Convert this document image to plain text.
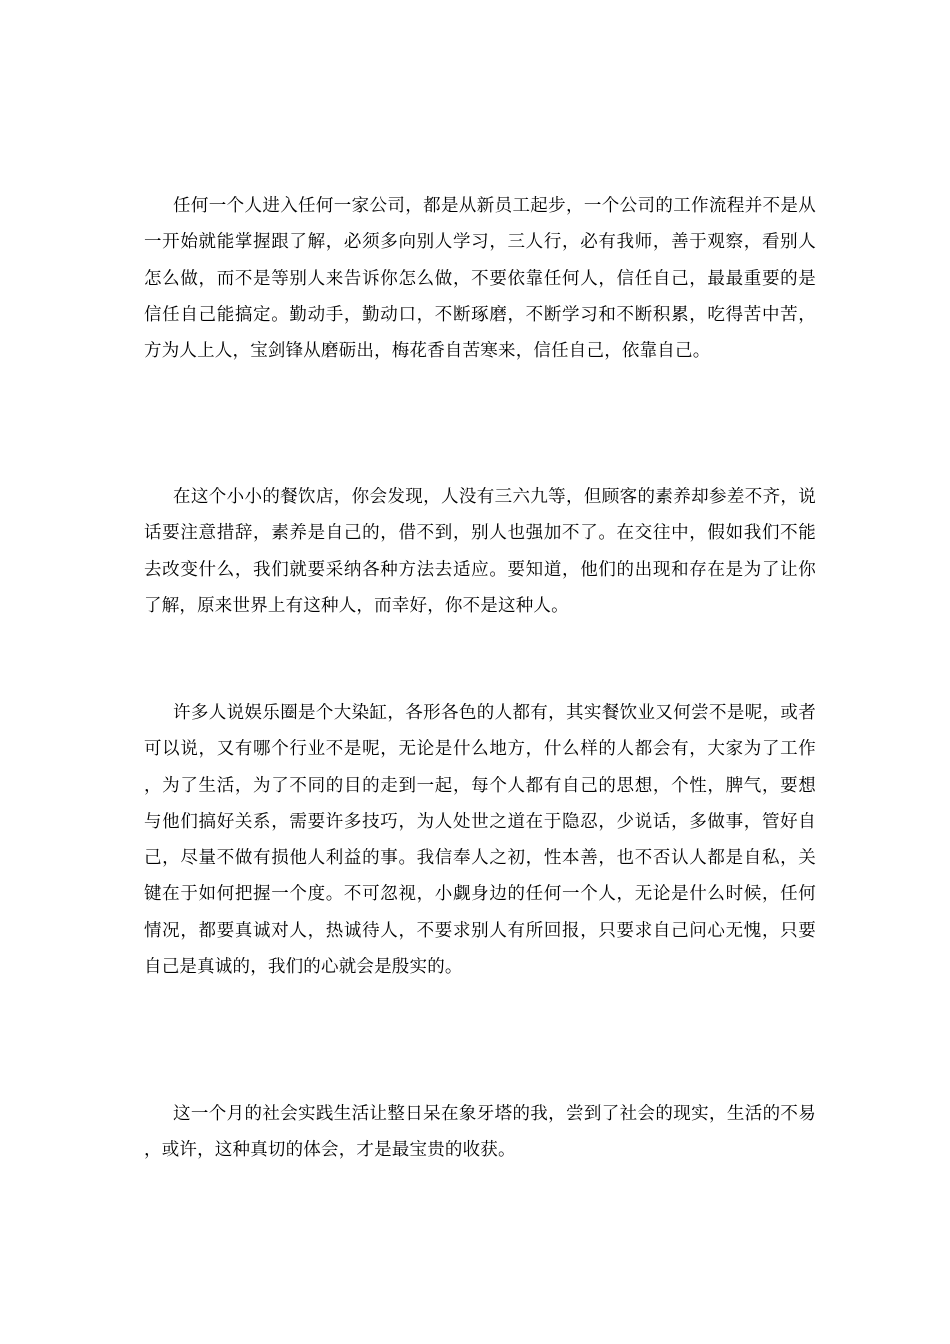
任何一个人进入任何一家公司，都是从新员工起步，一个公司的工作流程并不是从一开始就能掌握跟了解，必须多向别人学习，三人行，必有我师，善于观察，看别人怎么做，而不是等别人来告诉你怎么做，不要依靠任何人，信任自己，最最重要的是信任自己能搞定。勤动手，勤动口，不断琢磨，不断学习和不断积累，吃得苦中苦，方为人上人，宝剑锋从磨砺出，梅花香自苦寒来，信任自己，依靠自己。

在这个小小的餐饮店，你会发现，人没有三六九等，但顾客的素养却参差不齐，说话要注意措辞，素养是自己的，借不到，别人也强加不了。在交往中，假如我们不能去改变什么，我们就要采纳各种方法去适应。要知道，他们的出现和存在是为了让你了解，原来世界上有这种人，而幸好，你不是这种人。

许多人说娱乐圈是个大染缸，各形各色的人都有，其实餐饮业又何尝不是呢，或者可以说，又有哪个行业不是呢，无论是什么地方，什么样的人都会有，大家为了工作，为了生活，为了不同的目的走到一起，每个人都有自己的思想，个性，脾气，要想与他们搞好关系，需要许多技巧，为人处世之道在于隐忍，少说话，多做事，管好自己，尽量不做有损他人利益的事。我信奉人之初，性本善，也不否认人都是自私，关键在于如何把握一个度。不可忽视，小觑身边的任何一个人，无论是什么时候，任何情况，都要真诚对人，热诚待人，不要求别人有所回报，只要求自己问心无愧，只要自己是真诚的，我们的心就会是殷实的。

这一个月的社会实践生活让整日呆在象牙塔的我，尝到了社会的现实，生活的不易，或许，这种真切的体会，才是最宝贵的收获。
